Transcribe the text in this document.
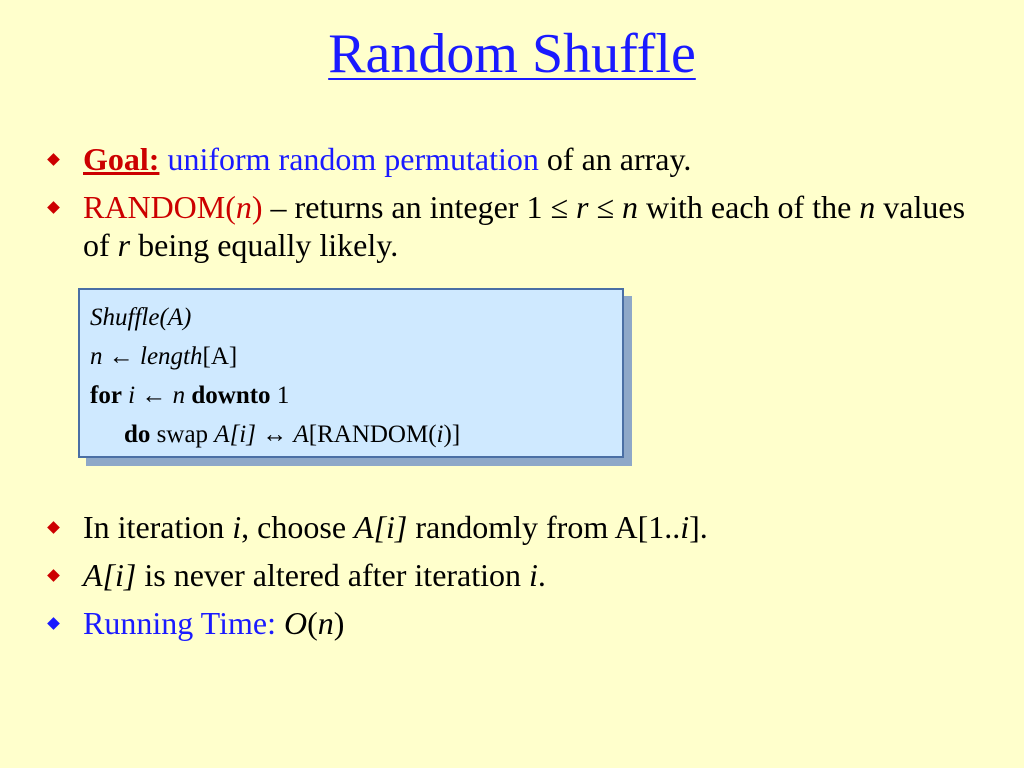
Random Shuffle
Goal: uniform random permutation of an array.
RANDOM(n) – returns an integer 1 ≤ r ≤ n with each of the n values of r being equally likely.
Shuffle(A)
n ← length[A]
for i ← n downto 1
do swap A[i] ↔ A[RANDOM(i)]
In iteration i, choose A[i] randomly from A[1..i].
A[i] is never altered after iteration i.
Running Time: O(n)
